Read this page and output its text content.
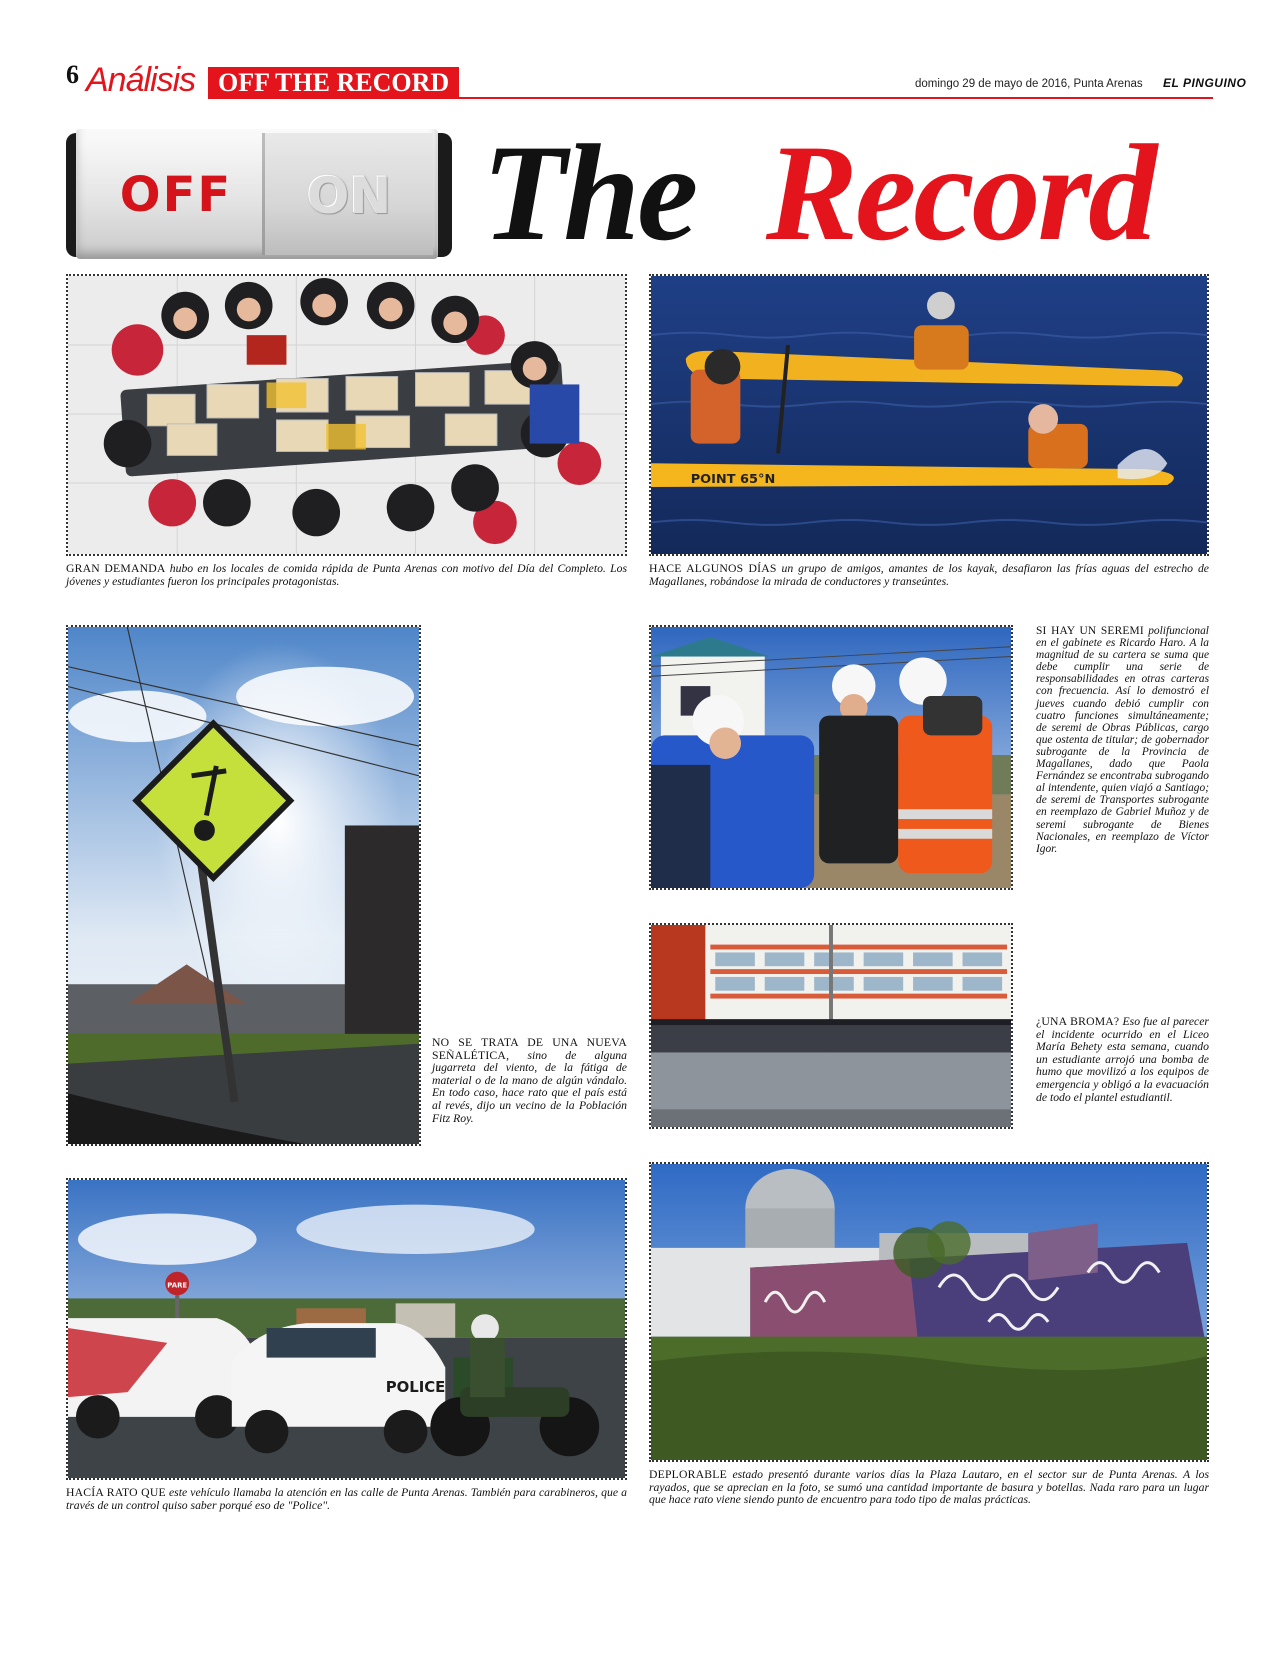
6 Análisis OFF THE RECORD	domingo 29 de mayo de 2016, Punta Arenas EL PINGUINO
OFF	ON The Record
GRAN DEMANDA hubo en los locales de comida rápida de Punta Arenas con motivo del Día del Completo. Los jóvenes y estudiantes fueron los principales protagonistas.
POINT 65°N
HACE ALGUNOS DÍAS un grupo de amigos, amantes de los kayak, desafiaron las frías aguas del estrecho de Magallanes, robándose la mirada de conductores y transeúntes.
NO SE TRATA DE UNA NUEVA SEÑALÉTICA, sino de alguna jugarreta del viento, de la fátiga de material o de la mano de algún vándalo. En todo caso, hace rato que el país está al revés, dijo un vecino de la Población Fitz Roy.
SI HAY UN SEREMI polifuncional en el gabinete es Ricardo Haro. A la magnitud de su cartera se suma que debe cumplir una serie de responsabilidades en otras carteras con frecuencia. Así lo demostró el jueves cuando debió cumplir con cuatro funciones simultáneamente; de seremi de Obras Públicas, cargo que ostenta de titular; de gobernador subrogante de la Provincia de Magallanes, dado que Paola Fernández se encontraba subrogando al intendente, quien viajó a Santiago; de seremi de Transportes subrogante en reemplazo de Gabriel Muñoz y de seremi subrogante de Bienes Nacionales, en reemplazo de Víctor Igor.
¿UNA BROMA? Eso fue al parecer el incidente ocurrido en el Liceo María Behety esta semana, cuando un estudiante arrojó una bomba de humo que movilizó a los equipos de emergencia y obligó a la evacuación de todo el plantel estudiantil.
PARE
POLICE
HACÍA RATO QUE este vehículo llamaba la atención en las calle de Punta Arenas. También para carabineros, que a través de un control quiso saber porqué eso de "Police".
DEPLORABLE estado presentó durante varios días la Plaza Lautaro, en el sector sur de Punta Arenas. A los rayados, que se aprecian en la foto, se sumó una cantidad importante de basura y botellas. Nada raro para un lugar que hace rato viene siendo punto de encuentro para todo tipo de malas prácticas.
